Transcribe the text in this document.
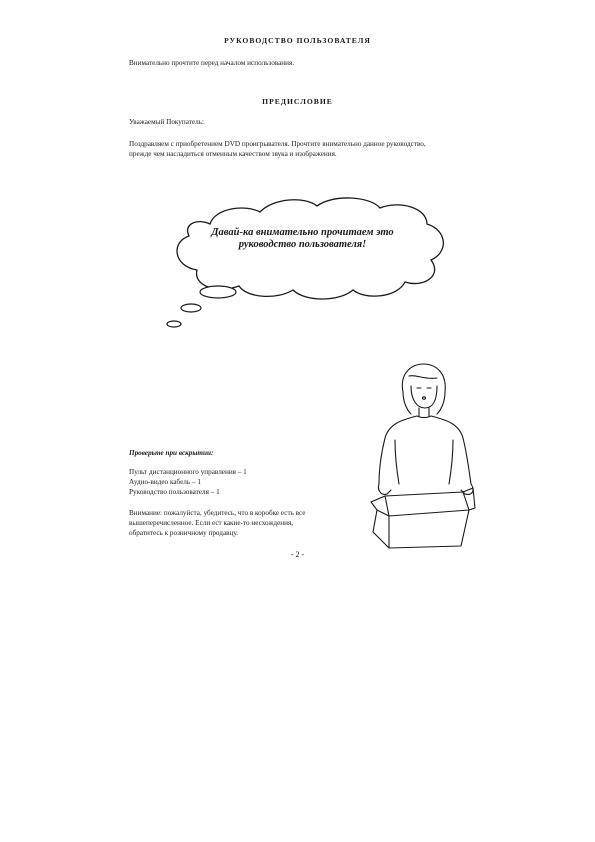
РУКОВОДСТВО ПОЛЬЗОВАТЕЛЯ
Внимательно прочтите перед началом использования.
ПРЕДИСЛОВИЕ
Уважаемый Покупатель:
Поздравляем с приобретением DVD проигрывателя. Прочтите внимательно данное руководство,
прежде чем насладиться отменным качеством звука и изображения.
Давай-ка внимательно прочитаем это
руководство пользователя!
Проверьте при вскрытии:
Пульт дистанционного управления – 1
Аудио-видео кабель – 1
Руководство пользователя – 1
Внимание: пожалуйста, убедитесь, что в коробке есть все
вышеперечисленное. Если ест какие-то несхождения,
обратитесь к розничному продавцу.
- 2 -
